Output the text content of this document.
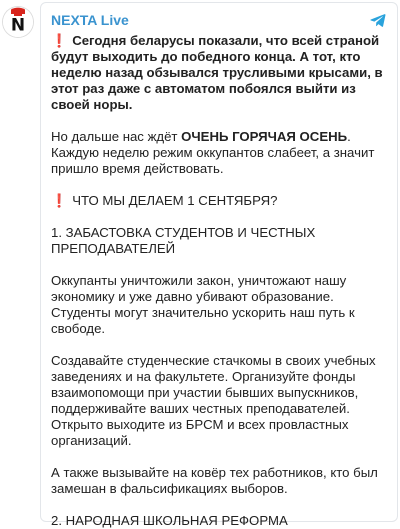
N NEXTA Live

❗ Сегодня беларусы показали, что всей страной будут выходить до победного конца. А тот, кто неделю назад обзывался трусливыми крысами, в этот раз даже с автоматом побоялся выйти из своей норы.

Но дальше нас ждёт ОЧЕНЬ ГОРЯЧАЯ ОСЕНЬ. Каждую неделю режим оккупантов слабеет, а значит пришло время действовать.

❗ ЧТО МЫ ДЕЛАЕМ 1 СЕНТЯБРЯ?

1. ЗАБАСТОВКА СТУДЕНТОВ И ЧЕСТНЫХ ПРЕПОДАВАТЕЛЕЙ

Оккупанты уничтожили закон, уничтожают нашу экономику и уже давно убивают образование. Студенты могут значительно ускорить наш путь к свободе.

Создавайте студенческие стачкомы в своих учебных заведениях и на факультете. Организуйте фонды взаимопомощи при участии бывших выпускников, поддерживайте ваших честных преподавателей. Открыто выходите из БРСМ и всех провластных организаций.

А также вызывайте на ковёр тех работников, кто был замешан в фальсификациях выборов.

2. НАРОДНАЯ ШКОЛЬНАЯ РЕФОРМА
